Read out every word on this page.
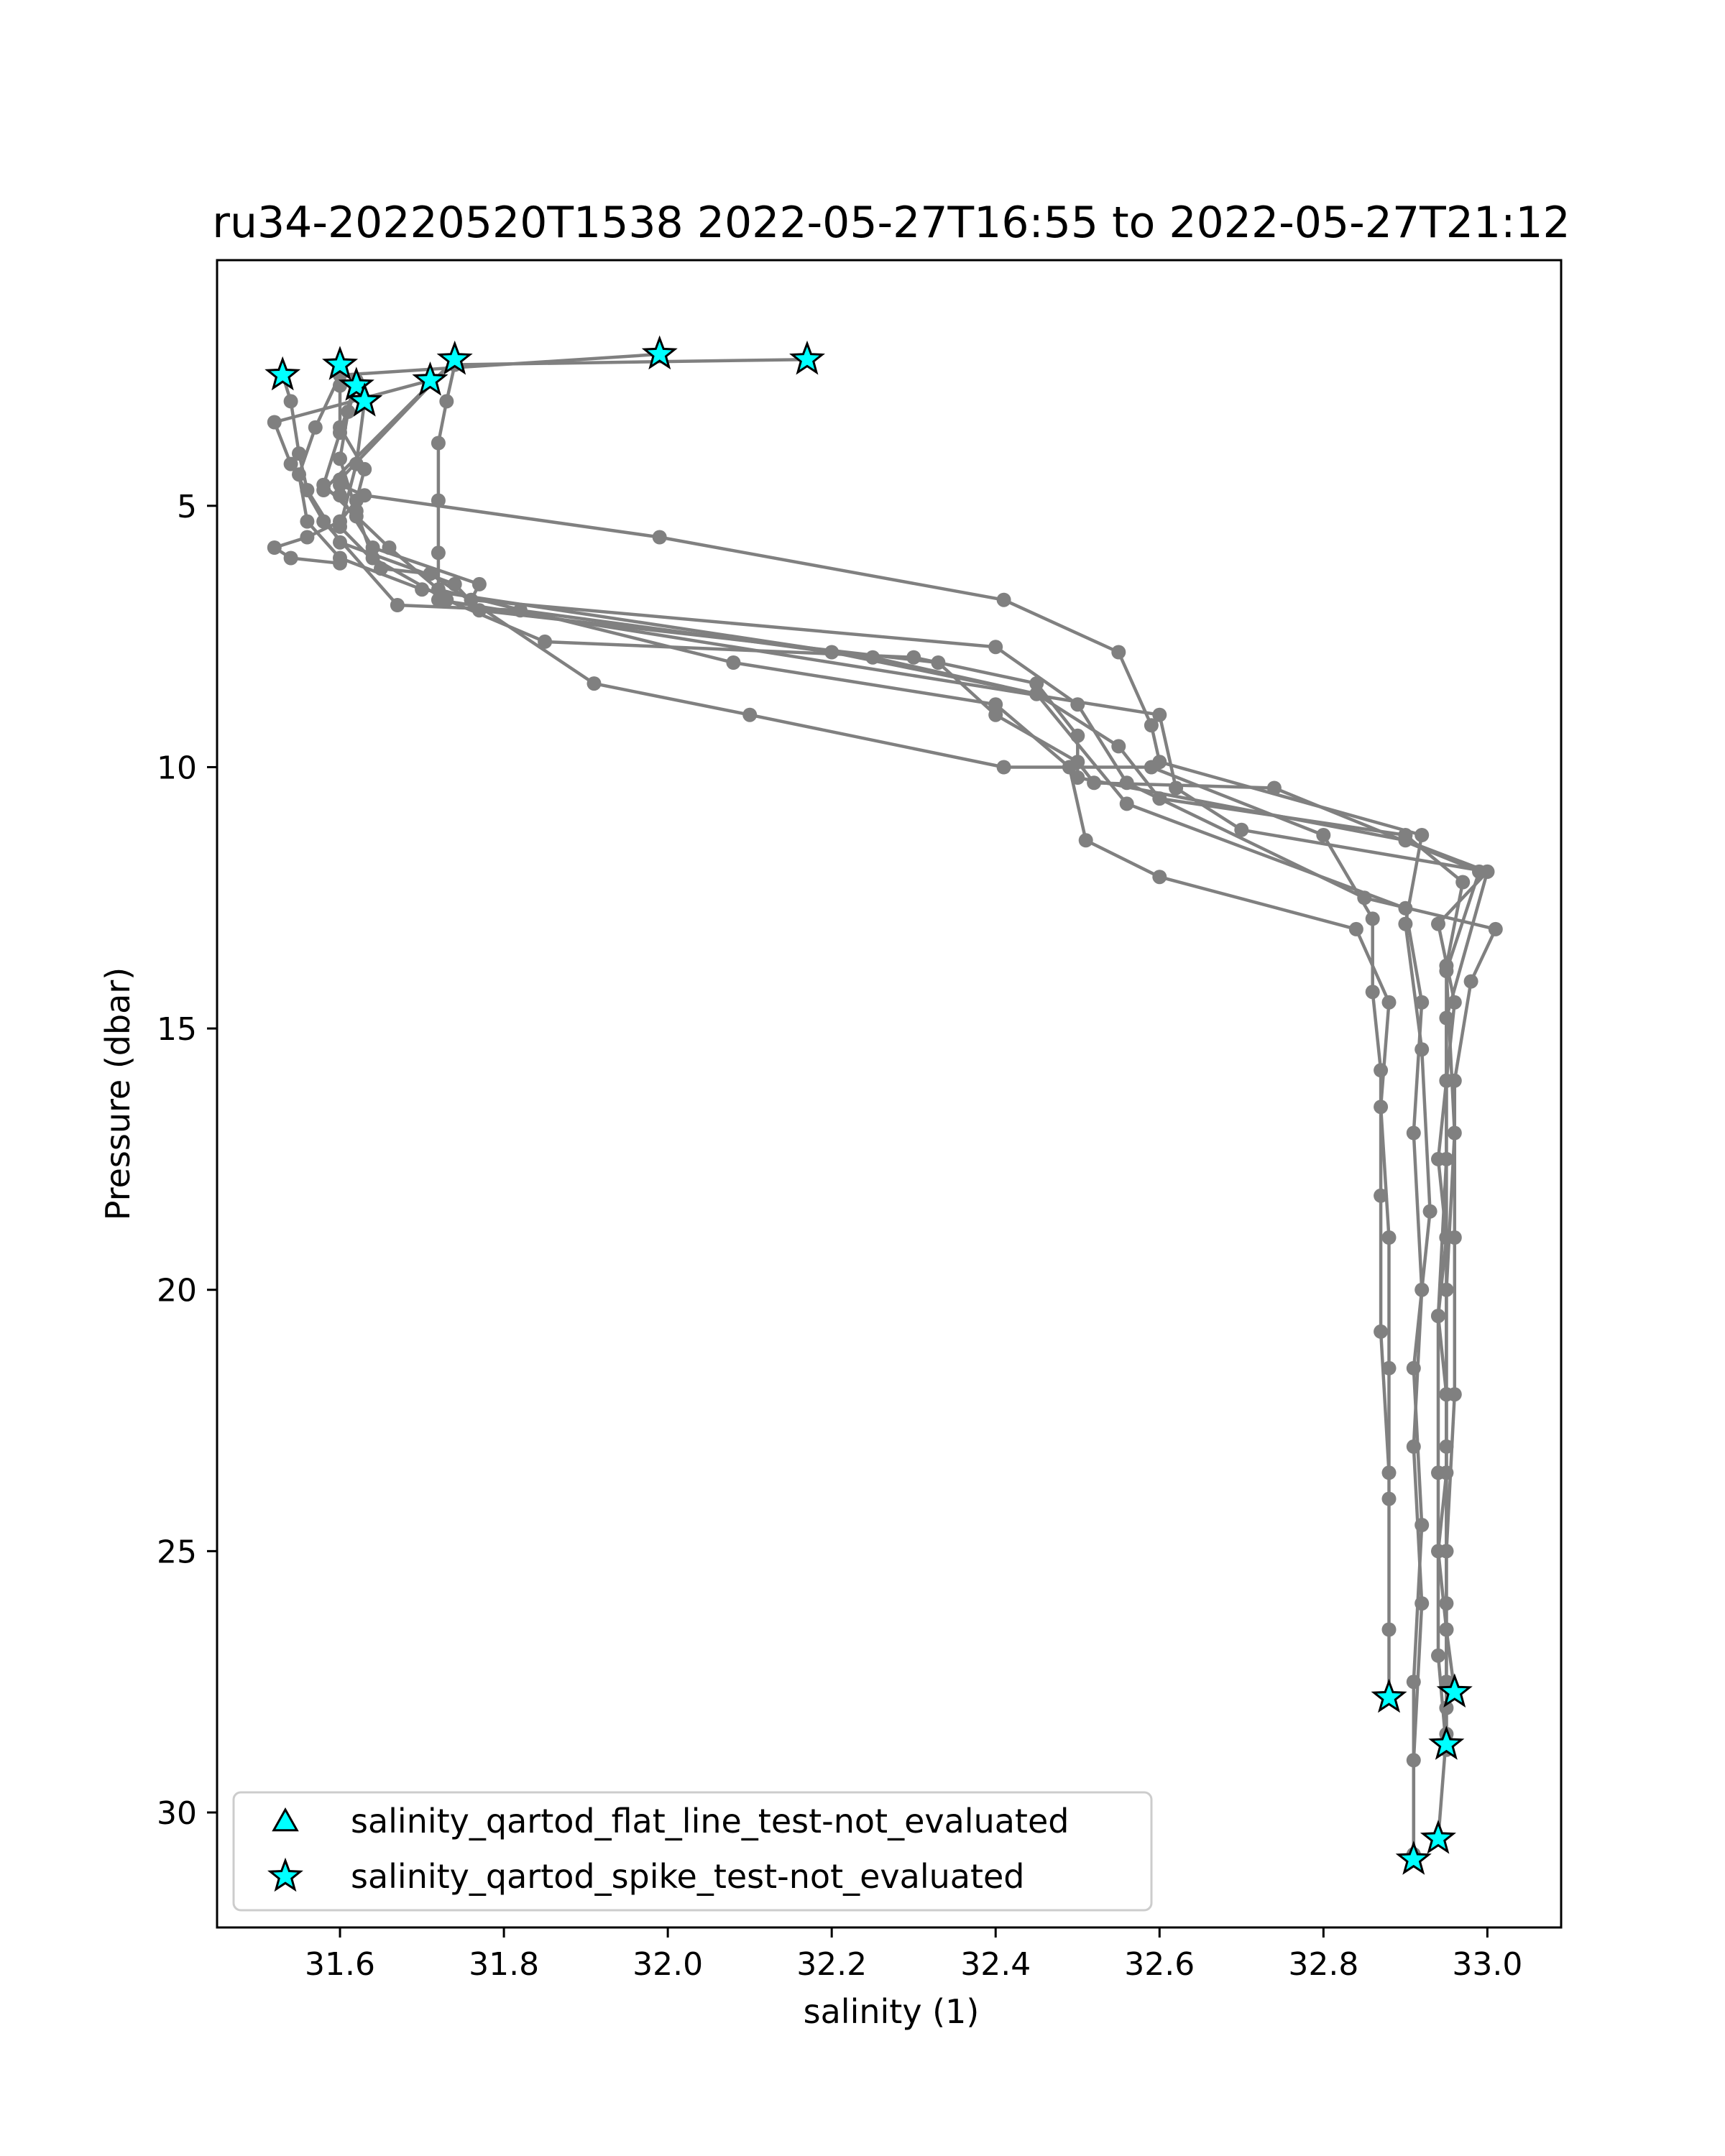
ru34-20220520T1538 2022-05-27T16:55 to 2022-05-27T21:12
31.6	31.8	32.0	32.2	32.4	32.6	32.8	33.0
5
10
15
20
25
30
salinity (1)
Pressure (dbar)
salinity_qartod_flat_line_test-not_evaluated
salinity_qartod_spike_test-not_evaluated
